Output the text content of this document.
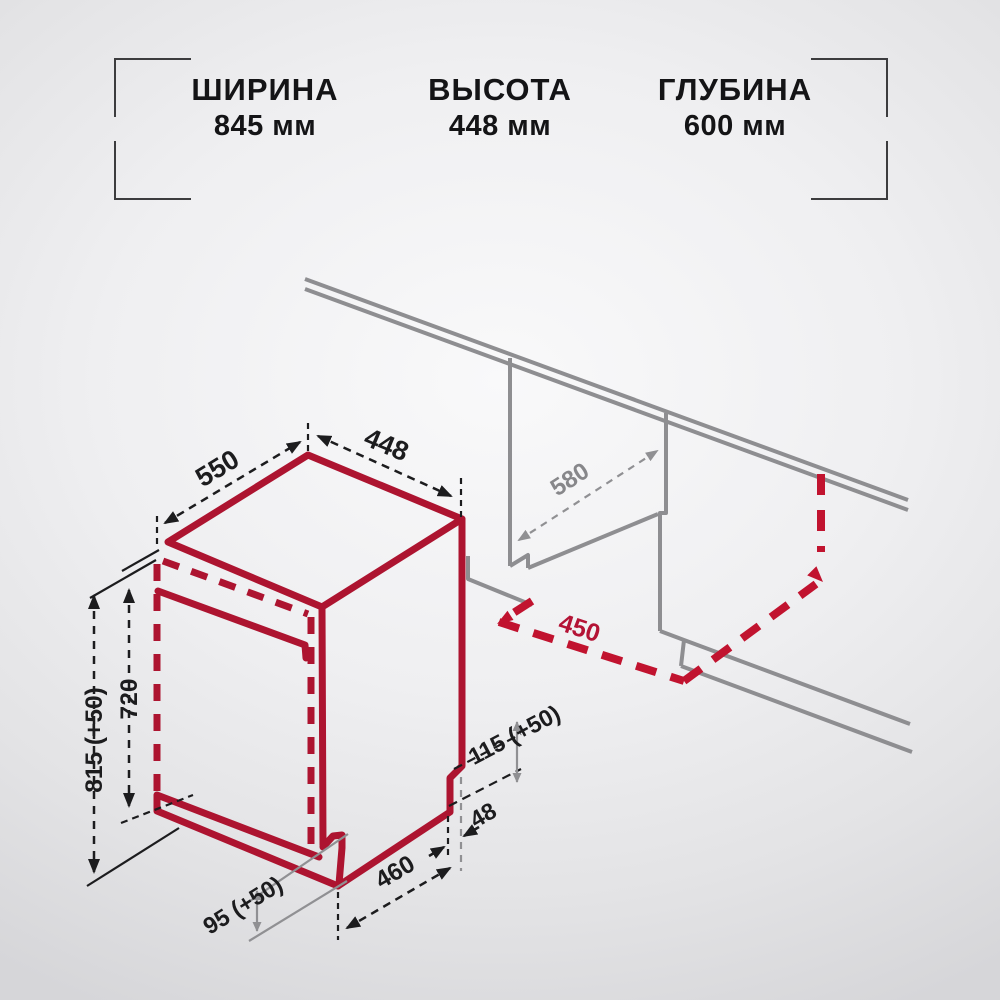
ШИРИНА
845 мм
ВЫСОТА
448 мм
ГЛУБИНА
600 мм
550	448
580
450
815 (+50) 720
115 (+50)
48
460
95 (+50)
